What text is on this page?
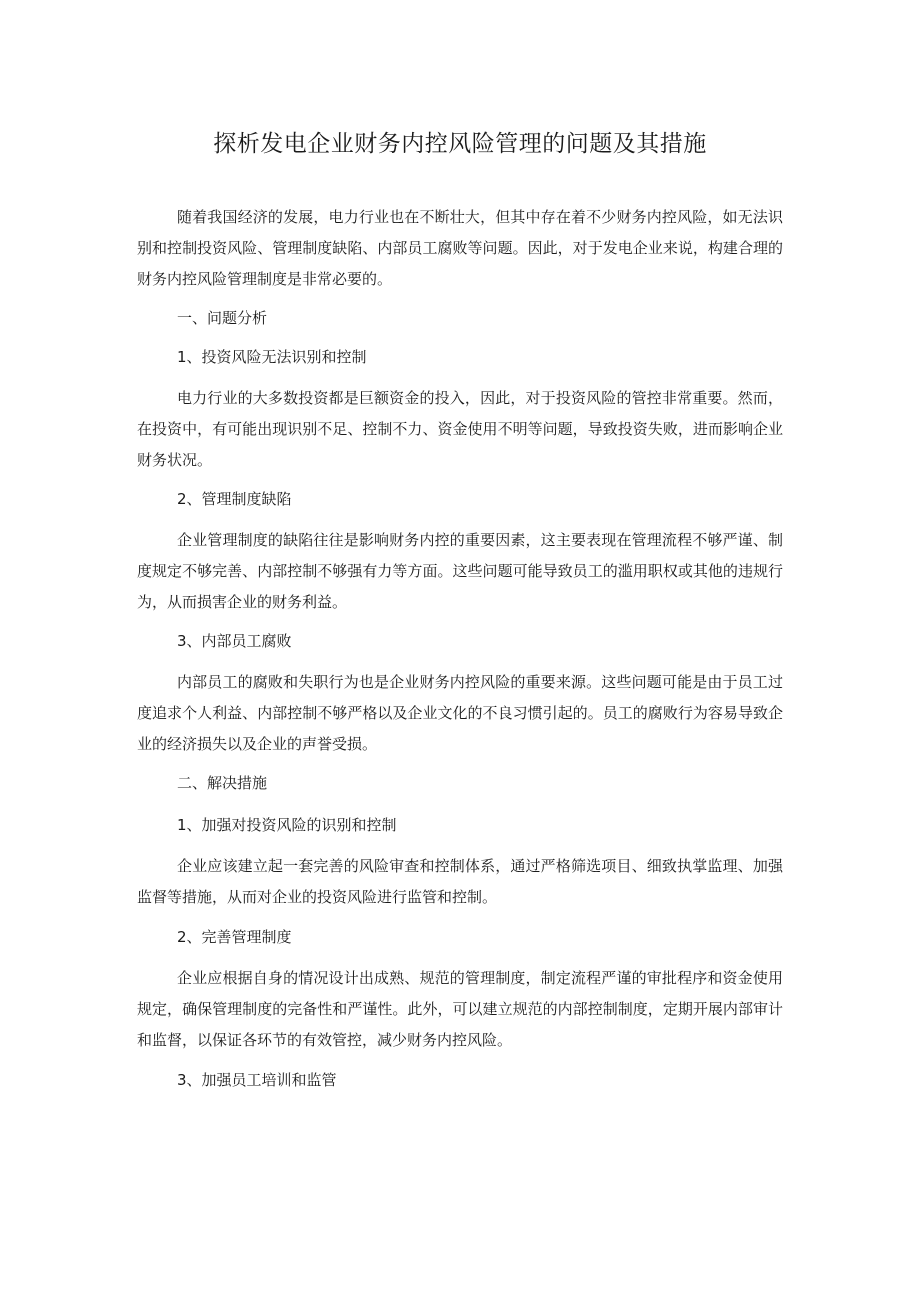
探析发电企业财务内控风险管理的问题及其措施

随着我国经济的发展，电力行业也在不断壮大，但其中存在着不少财务内控风险，如无法识别和控制投资风险、管理制度缺陷、内部员工腐败等问题。因此，对于发电企业来说，构建合理的财务内控风险管理制度是非常必要的。

一、问题分析

1、投资风险无法识别和控制

电力行业的大多数投资都是巨额资金的投入，因此，对于投资风险的管控非常重要。然而，在投资中，有可能出现识别不足、控制不力、资金使用不明等问题，导致投资失败，进而影响企业财务状况。

2、管理制度缺陷

企业管理制度的缺陷往往是影响财务内控的重要因素，这主要表现在管理流程不够严谨、制度规定不够完善、内部控制不够强有力等方面。这些问题可能导致员工的滥用职权或其他的违规行为，从而损害企业的财务利益。

3、内部员工腐败

内部员工的腐败和失职行为也是企业财务内控风险的重要来源。这些问题可能是由于员工过度追求个人利益、内部控制不够严格以及企业文化的不良习惯引起的。员工的腐败行为容易导致企业的经济损失以及企业的声誉受损。

二、解决措施

1、加强对投资风险的识别和控制

企业应该建立起一套完善的风险审查和控制体系，通过严格筛选项目、细致执掌监理、加强监督等措施，从而对企业的投资风险进行监管和控制。

2、完善管理制度

企业应根据自身的情况设计出成熟、规范的管理制度，制定流程严谨的审批程序和资金使用规定，确保管理制度的完备性和严谨性。此外，可以建立规范的内部控制制度，定期开展内部审计和监督，以保证各环节的有效管控，减少财务内控风险。

3、加强员工培训和监管
